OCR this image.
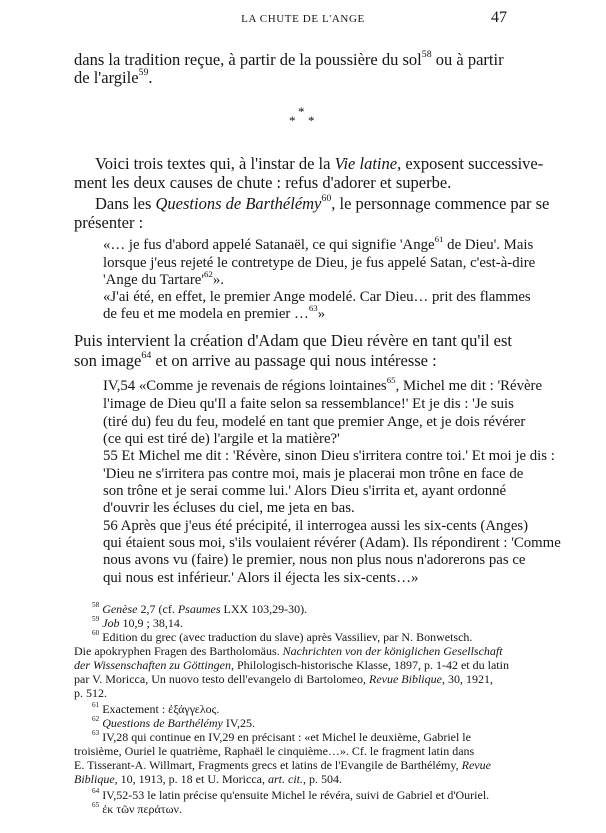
LA CHUTE DE L'ANGE	47
dans la tradition reçue, à partir de la poussière du sol$^{58}$ ou à partir
de l'argile$^{59}$.
*
* *
Voici trois textes qui, à l'instar de la Vie latine, exposent successive-
ment les deux causes de chute : refus d'adorer et superbe.
Dans les Questions de Barthélémy$^{60}$, le personnage commence par se
présenter :
«… je fus d'abord appelé Satanaël, ce qui signifie 'Ange$^{61}$ de Dieu'. Mais
lorsque j'eus rejeté le contretype de Dieu, je fus appelé Satan, c'est-à-dire
'Ange du $Tartare'^{62}$».
«J'ai été, en effet, le premier Ange modelé. Car Dieu… prit des flammes
de feu et me modela en premier …$^{63}$»
Puis intervient la création d'Adam que Dieu révère en tant qu'il est
son image$^{64}$ et on arrive au passage qui nous intéresse :
IV,54 «Comme je revenais de régions lointaines$^{65}$, Michel me dit : 'Révère
l'image de Dieu qu'Il a faite selon sa ressemblance!' Et je dis : 'Je suis
(tiré du) feu du feu, modelé en tant que premier Ange, et je dois révérer
(ce qui est tiré de) l'argile et la matière?'
55 Et Michel me dit : 'Révère, sinon Dieu s'irritera contre toi.' Et moi je dis :
'Dieu ne s'irritera pas contre moi, mais je placerai mon trône en face de
son trône et je serai comme lui.' Alors Dieu s'irrita et, ayant ordonné
d'ouvrir les écluses du ciel, me jeta en bas.
56 Après que j'eus été précipité, il interrogea aussi les six-cents (Anges)
qui étaient sous moi, s'ils voulaient révérer (Adam). Ils répondirent : 'Comme
nous avons vu (faire) le premier, nous non plus nous n'adorerons pas ce
qui nous est inférieur.' Alors il éjecta les six-cents…»
$^{58}$ Genèse 2,7 (cf. Psaumes LXX 103,29-30).
$^{59}$ Job 10,9 ; 38,14.
$^{60}$ Edition du grec (avec traduction du slave) après Vassiliev, par N. Bonwetsch.
Die apokryphen Fragen des Bartholomäus. Nachrichten von der königlichen Gesellschaft
der Wissenschaften zu Göttingen, Philologisch-historische Klasse, 1897, p. 1-42 et du latin
par V. Moricca, Un nuovo testo dell'evangelo di Bartolomeo, Revue Biblique, 30, 1921,
p. 512.
$^{61}$ Exactement : ἐξάγγελος.
$^{62}$ Questions de Barthélémy IV,25.
$^{63}$ IV,28 qui continue en IV,29 en précisant : «et Michel le deuxième, Gabriel le
troisième, Ouriel le quatrième, Raphaël le cinquième…». Cf. le fragment latin dans
E. Tisserant-A. Willmart, Fragments grecs et latins de l'Evangile de Barthélémy, Revue
Biblique, 10, 1913, p. 18 et U. Moricca, art. cit., p. 504.
$^{64}$ IV,52-53 le latin précise qu'ensuite Michel le révéra, suivi de Gabriel et d'Ouriel.
$^{65}$ ἐκ τῶν περάτων.
